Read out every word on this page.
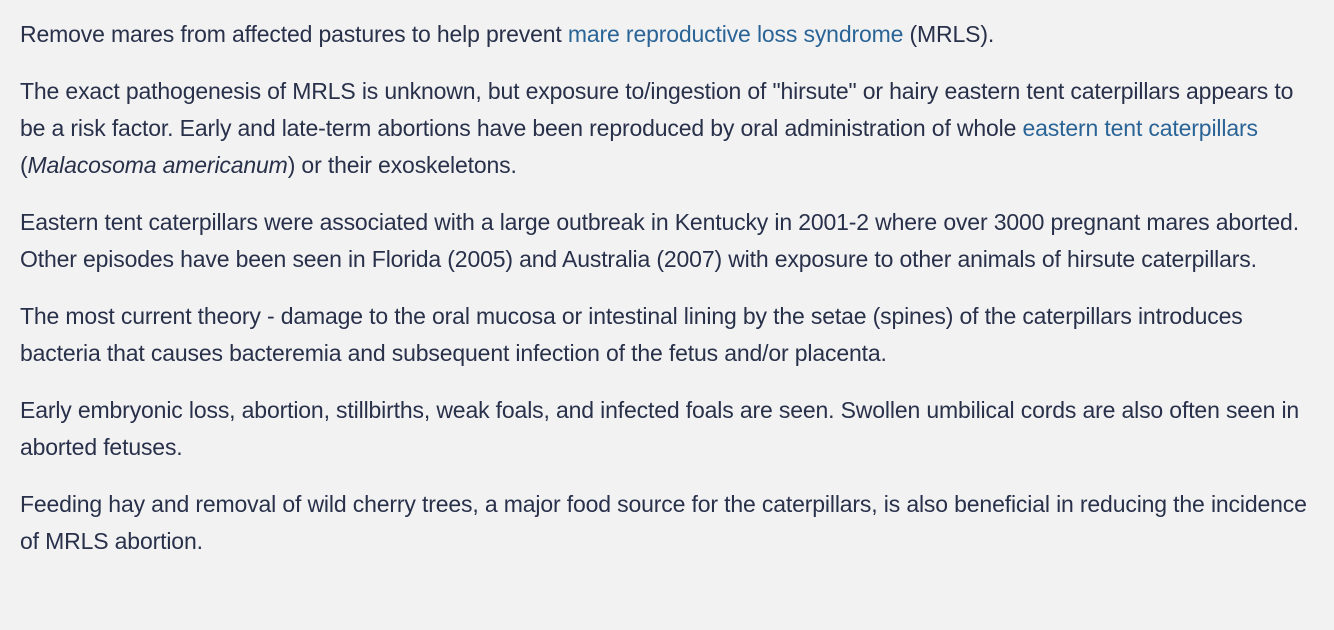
Remove mares from affected pastures to help prevent mare reproductive loss syndrome (MRLS).

The exact pathogenesis of MRLS is unknown, but exposure to/ingestion of "hirsute" or hairy eastern tent caterpillars appears to be a risk factor. Early and late-term abortions have been reproduced by oral administration of whole eastern tent caterpillars (Malacosoma americanum) or their exoskeletons.

Eastern tent caterpillars were associated with a large outbreak in Kentucky in 2001-2 where over 3000 pregnant mares aborted. Other episodes have been seen in Florida (2005) and Australia (2007) with exposure to other animals of hirsute caterpillars.

The most current theory - damage to the oral mucosa or intestinal lining by the setae (spines) of the caterpillars introduces bacteria that causes bacteremia and subsequent infection of the fetus and/or placenta.

Early embryonic loss, abortion, stillbirths, weak foals, and infected foals are seen. Swollen umbilical cords are also often seen in aborted fetuses.

Feeding hay and removal of wild cherry trees, a major food source for the caterpillars, is also beneficial in reducing the incidence of MRLS abortion.
